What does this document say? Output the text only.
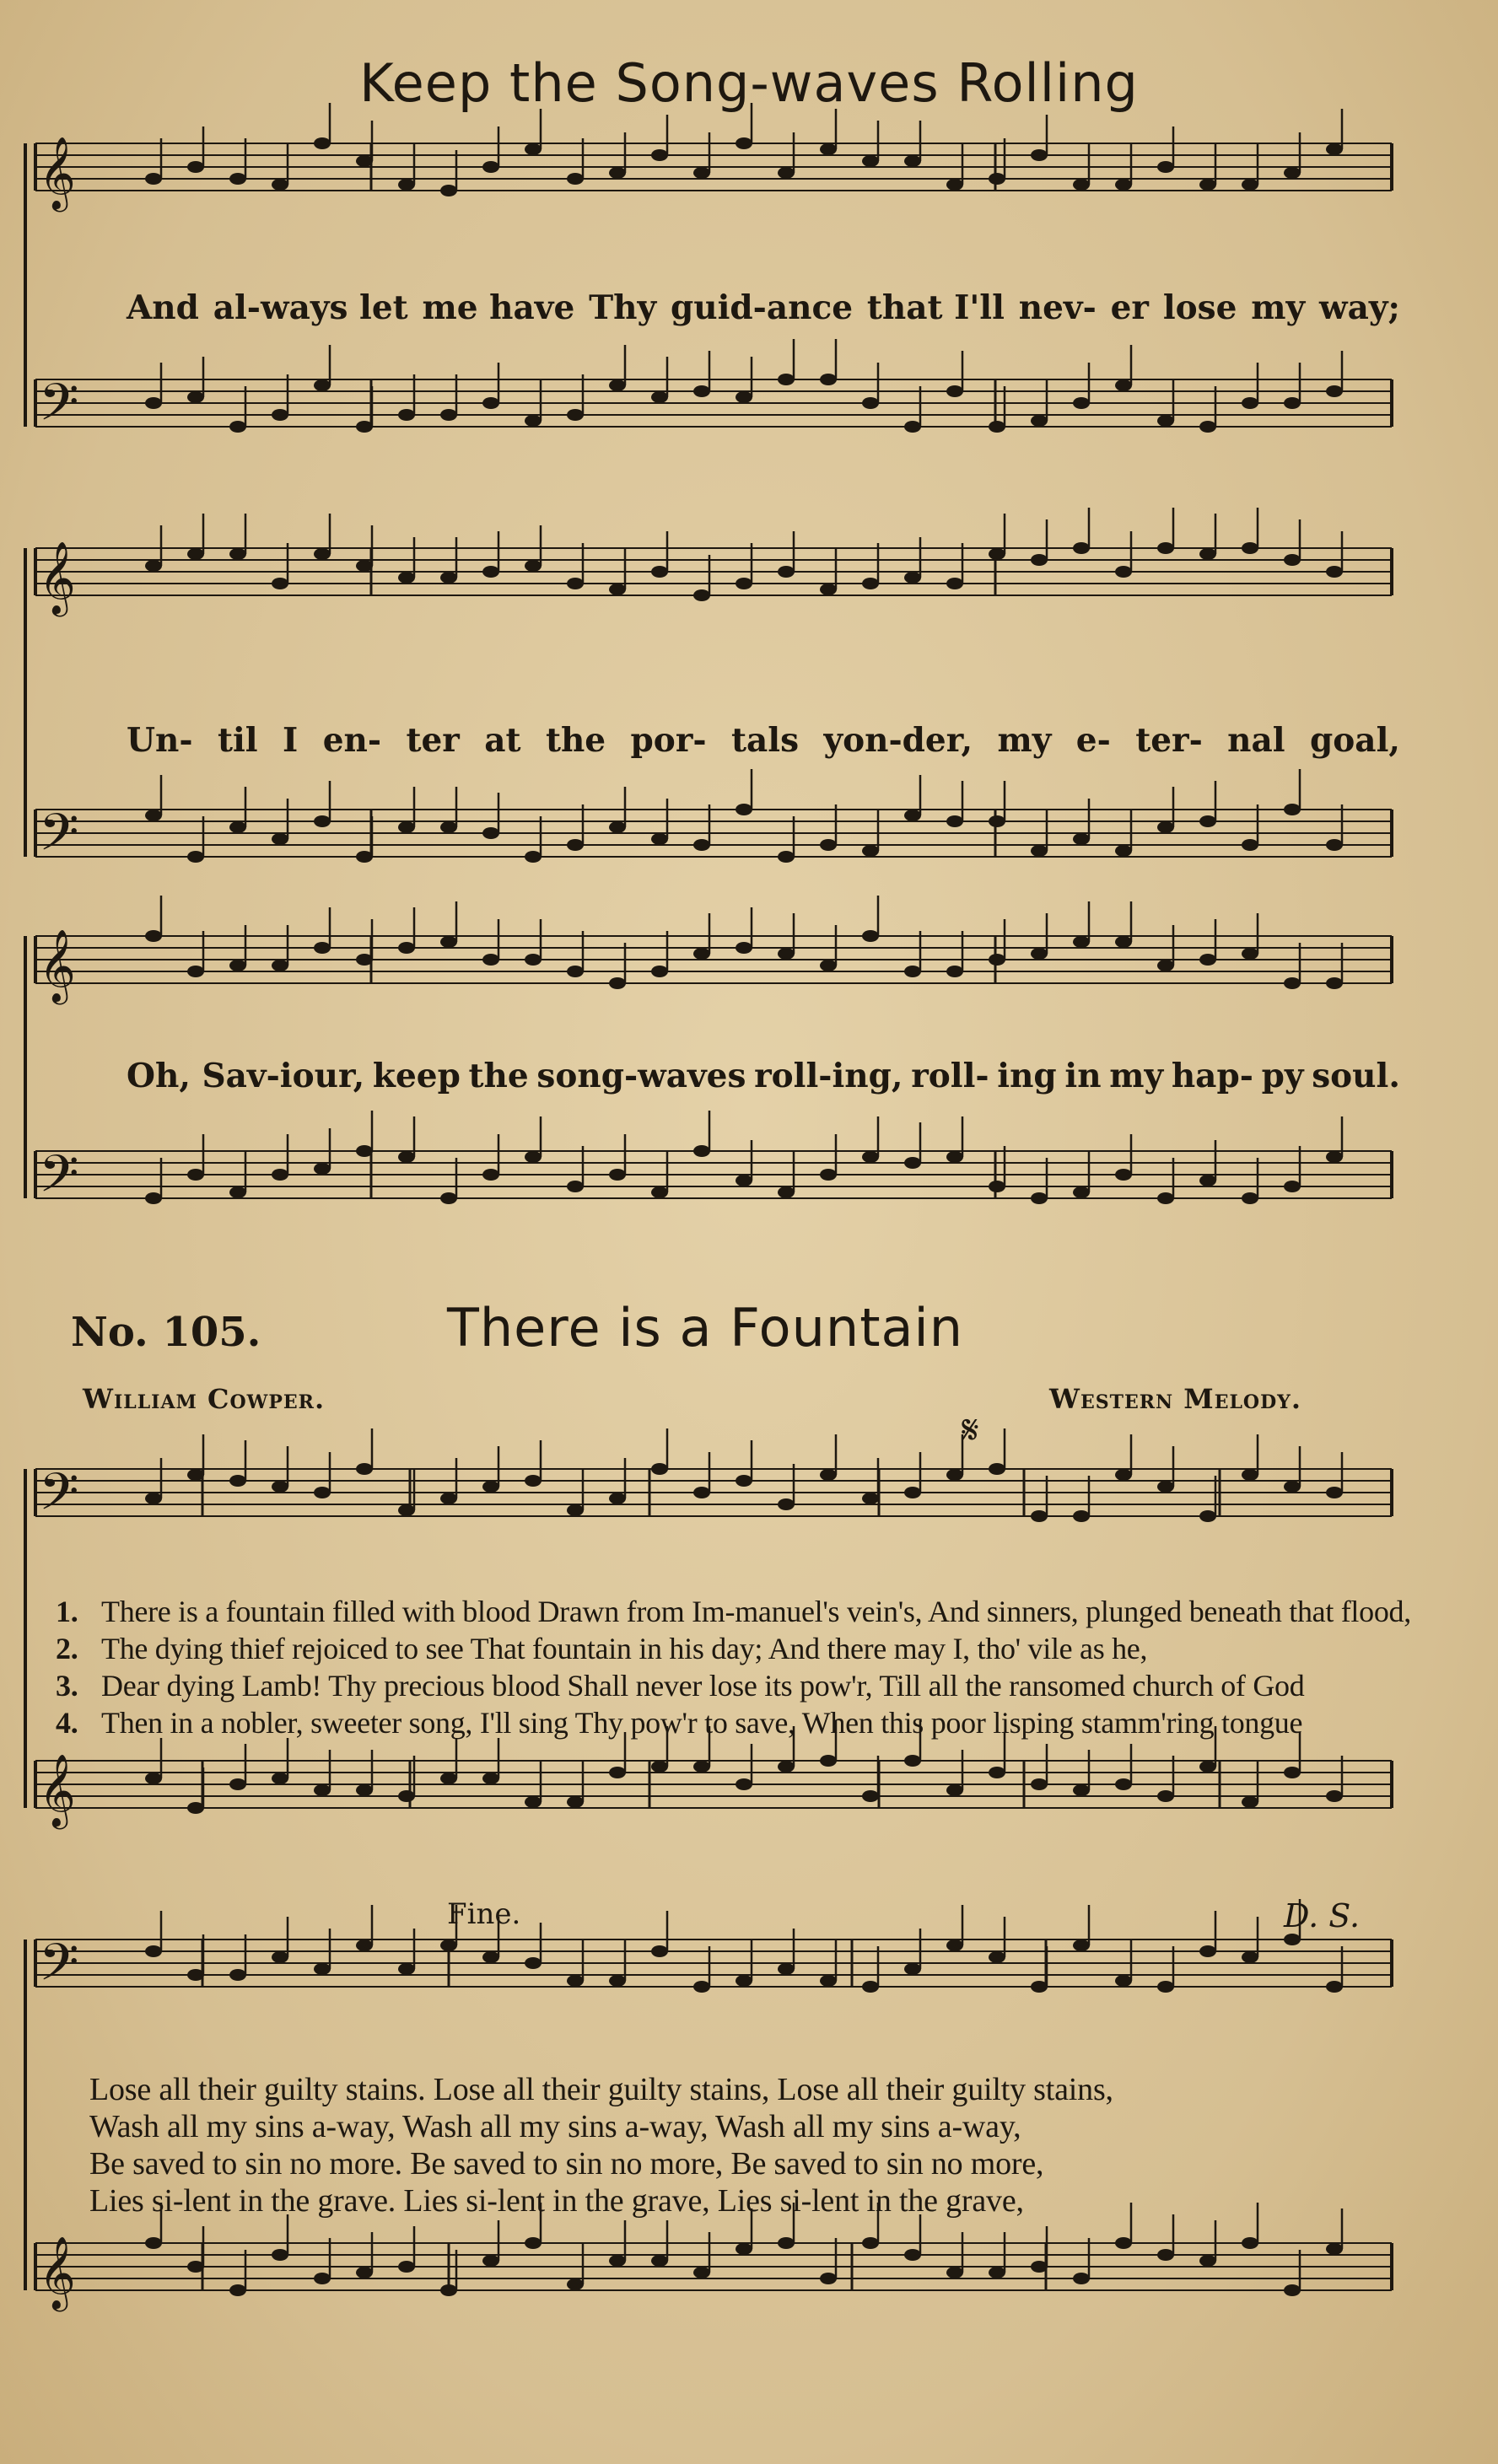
Keep the Song-waves Rolling
𝄞
𝄢
𝄞
𝄢
𝄞
𝄢
𝄢
𝄞
𝄢
𝄞
And al-ways let me have Thy guid-ance that I'll nev- er lose my way;
Un- til I en- ter at the por- tals yon-der, my e- ter- nal goal,
Oh, Sav-iour, keep the song-waves roll-ing, roll- ing in my hap- py soul.
No. 105.	There is a Fountain
William Cowper.	Western Melody.
𝄋
1. There is a fountain filled with blood Drawn from Im-manuel's vein's, And sinners, plunged beneath that flood,
2. The dying thief rejoiced to see That fountain in his day; And there may I, tho' vile as he,
3. Dear dying Lamb! Thy precious blood Shall never lose its pow'r, Till all the ransomed church of God
4. Then in a nobler, sweeter song, I'll sing Thy pow'r to save, When this poor lisping stamm'ring tongue
Fine.	D. S.
Lose all their guilty stains. Lose all their guilty stains, Lose all their guilty stains,
Wash all my sins a-way, Wash all my sins a-way, Wash all my sins a-way,
Be saved to sin no more. Be saved to sin no more, Be saved to sin no more,
Lies si-lent in the grave. Lies si-lent in the grave, Lies si-lent in the grave,
